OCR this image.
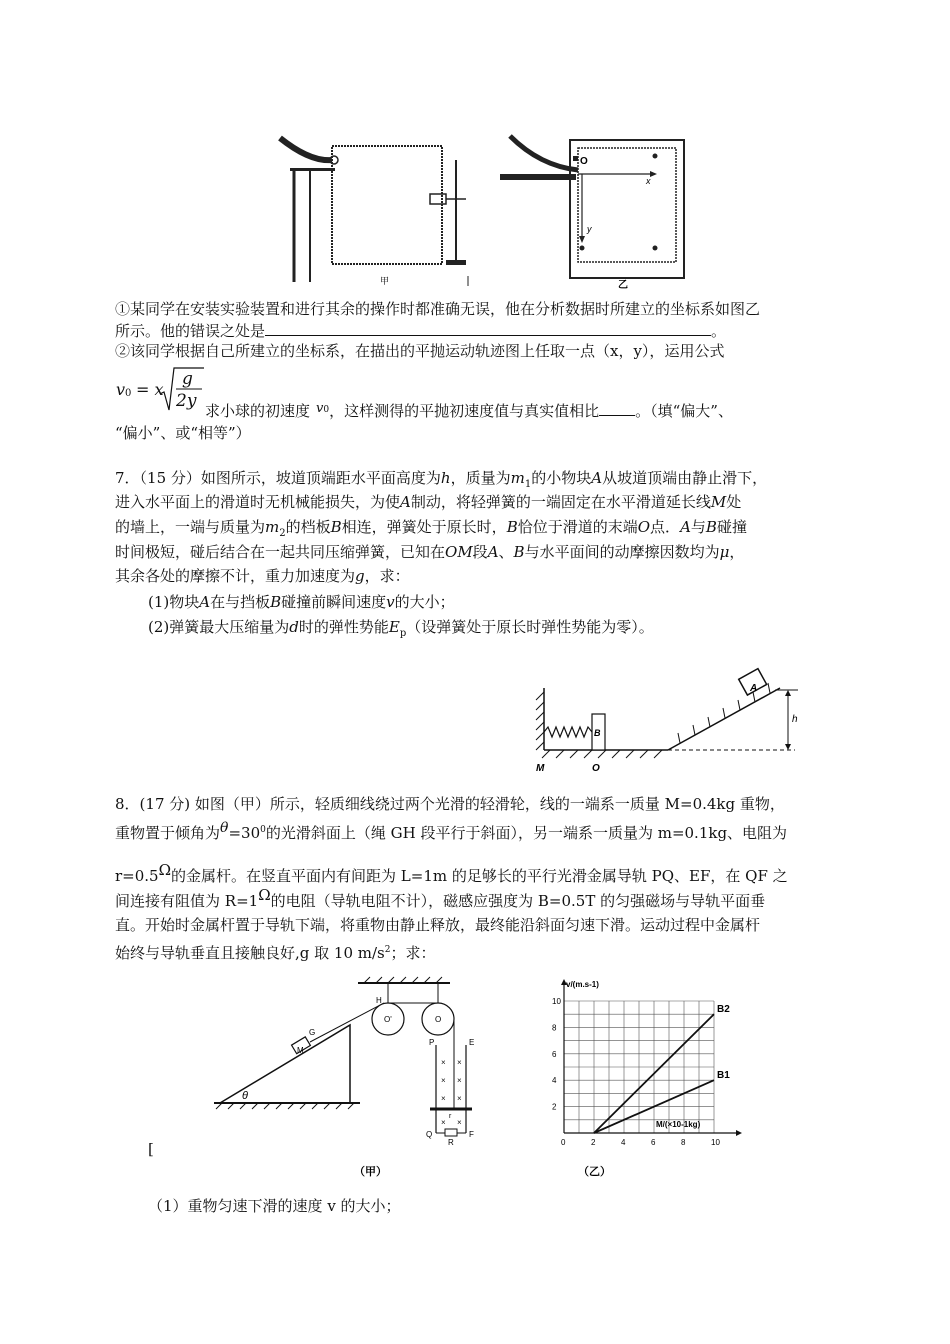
甲
O
x
y
乙
①某同学在安装实验装置和进行其余的操作时都准确无误，他在分析数据时所建立的坐标系如图乙
所示。他的错误之处是	。
②该同学根据自己所建立的坐标系，在描出的平抛运动轨迹图上任取一点（x，y），运用公式
v 0 = x
g
2y 求小球的初速度 $v^0$，这样测得的平抛初速度值与真实值相比 。（填“偏大”、
“偏小”、或“相等”）
7．（15 分）如图所示，坡道顶端距水平面高度为h，质量为$m_1$的小物块A从坡道顶端由静止滑下，
进入水平面上的滑道时无机械能损失，为使A制动，将轻弹簧的一端固定在水平滑道延长线M处
的墙上，一端与质量为$m_2$的档板B相连，弹簧处于原长时，B恰位于滑道的末端O点．A与B碰撞
时间极短，碰后结合在一起共同压缩弹簧，已知在OM段A、B与水平面间的动摩擦因数均为μ，
其余各处的摩擦不计，重力加速度为g，求：
(1)物块A在与挡板B碰撞前瞬间速度v的大小；
(2)弹簧最大压缩量为d时的弹性势能$E_p$（设弹簧处于原长时弹性势能为零）。
B
A
h
M	O
8．(17 分) 如图（甲）所示，轻质细线绕过两个光滑的轻滑轮，线的一端系一质量 M=0.4kg 重物，
重物置于倾角为$\theta=30^0$的光滑斜面上（绳 GH 段平行于斜面），另一端系一质量为 m=0.1kg、电阻为
r=0.5Ω的金属杆。在竖直平面内有间距为 L=1m 的足够长的平行光滑金属导轨 PQ、EF，在 QF 之
间连接有阻值为 R=1Ω的电阻（导轨电阻不计），磁感应强度为 B=0.5T 的匀强磁场与导轨平面垂
直。开始时金属杆置于导轨下端，将重物由静止释放，最终能沿斜面匀速下滑。运动过程中金属杆
始终与导轨垂直且接触良好,g 取 10 $m/s^2$；求：
θ
M
G
O'	O
H
P	E
Q	F
R
× ×
× ×
× ×
× ×
r
（甲）
0	2	4	6	8	10
2
4
6
8
10
v/(m.s-1)
M/(×10-1kg)
B2
B1
（乙）
[
（1）重物匀速下滑的速度 v 的大小；
